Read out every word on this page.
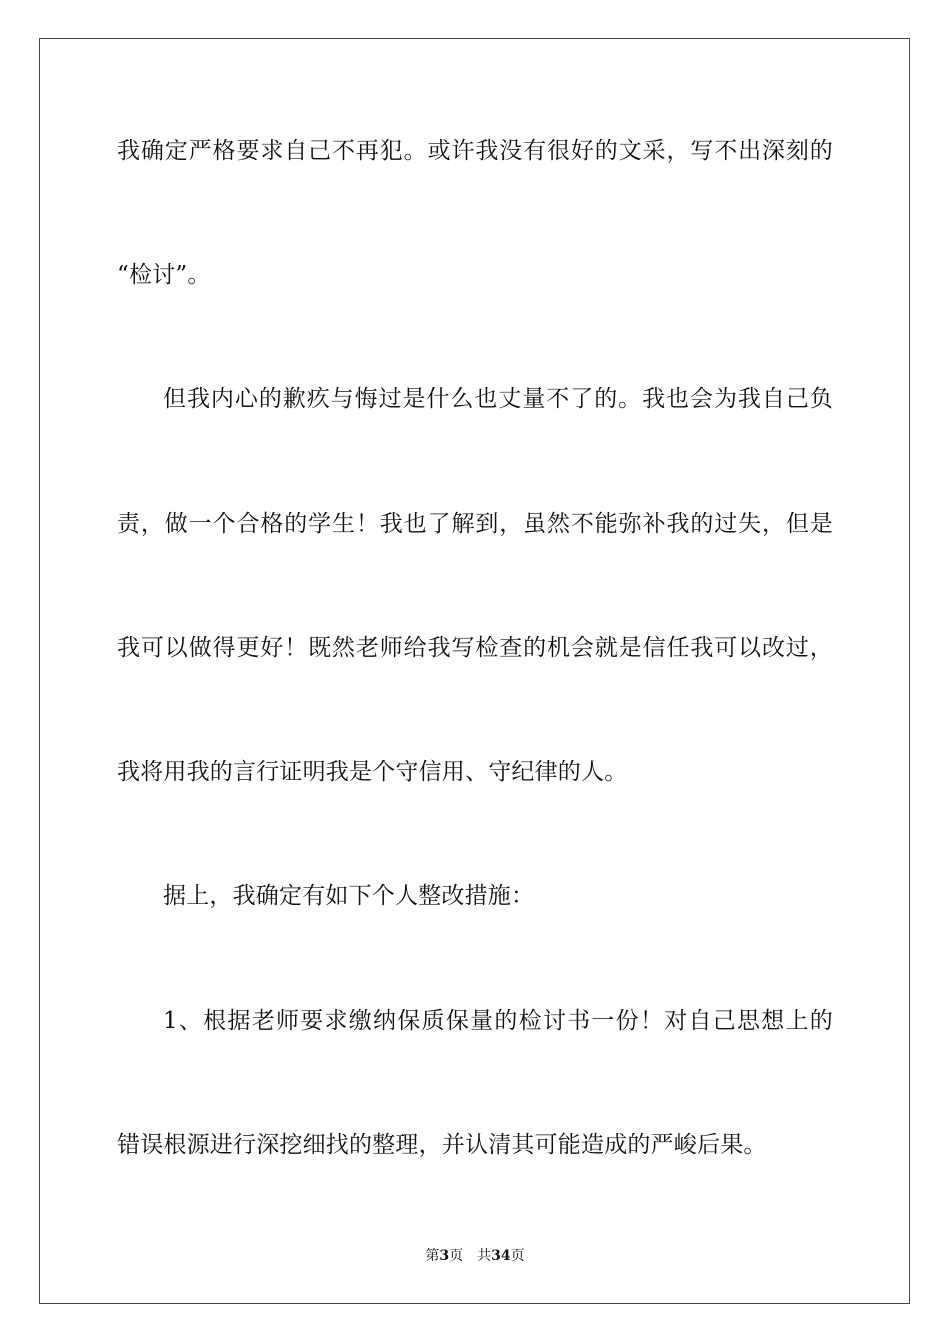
我确定严格要求自己不再犯。或许我没有很好的文采，写不出深刻的
“检讨”。
但我内心的歉疚与悔过是什么也丈量不了的。我也会为我自己负
责，做一个合格的学生！我也了解到，虽然不能弥补我的过失，但是
我可以做得更好！既然老师给我写检查的机会就是信任我可以改过，
我将用我的言行证明我是个守信用、守纪律的人。
据上，我确定有如下个人整改措施：
1、根据老师要求缴纳保质保量的检讨书一份！对自己思想上的
错误根源进行深挖细找的整理，并认清其可能造成的严峻后果。
第3页 共34页
